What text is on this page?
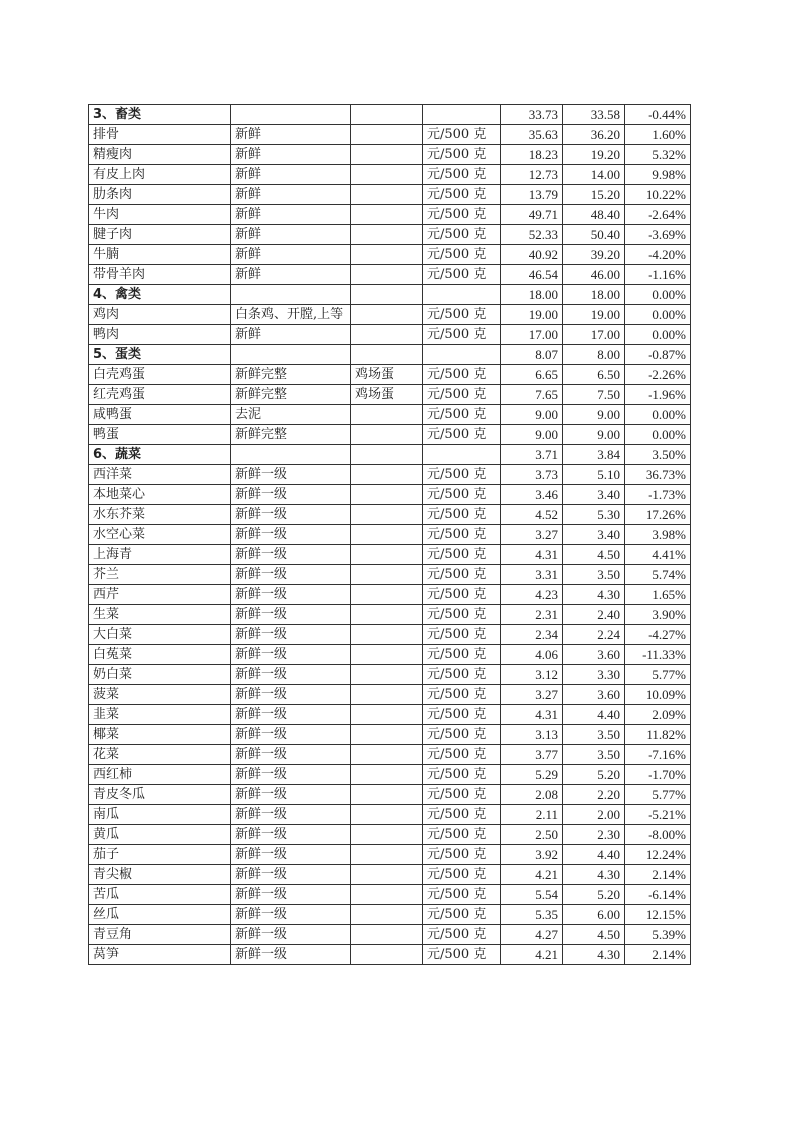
3、畜类				33.73	33.58	-0.44%
排骨	新鲜		元/500 克	35.63	36.20	1.60%
精瘦肉	新鲜		元/500 克	18.23	19.20	5.32%
有皮上肉	新鲜		元/500 克	12.73	14.00	9.98%
肋条肉	新鲜		元/500 克	13.79	15.20	10.22%
牛肉	新鲜		元/500 克	49.71	48.40	-2.64%
腱子肉	新鲜		元/500 克	52.33	50.40	-3.69%
牛腩	新鲜		元/500 克	40.92	39.20	-4.20%
带骨羊肉	新鲜		元/500 克	46.54	46.00	-1.16%
4、禽类				18.00	18.00	0.00%
鸡肉	白条鸡、开膛,上等		元/500 克	19.00	19.00	0.00%
鸭肉	新鲜		元/500 克	17.00	17.00	0.00%
5、蛋类				8.07	8.00	-0.87%
白壳鸡蛋	新鲜完整	鸡场蛋	元/500 克	6.65	6.50	-2.26%
红壳鸡蛋	新鲜完整	鸡场蛋	元/500 克	7.65	7.50	-1.96%
咸鸭蛋	去泥		元/500 克	9.00	9.00	0.00%
鸭蛋	新鲜完整		元/500 克	9.00	9.00	0.00%
6、蔬菜				3.71	3.84	3.50%
西洋菜	新鲜一级		元/500 克	3.73	5.10	36.73%
本地菜心	新鲜一级		元/500 克	3.46	3.40	-1.73%
水东芥菜	新鲜一级		元/500 克	4.52	5.30	17.26%
水空心菜	新鲜一级		元/500 克	3.27	3.40	3.98%
上海青	新鲜一级		元/500 克	4.31	4.50	4.41%
芥兰	新鲜一级		元/500 克	3.31	3.50	5.74%
西芹	新鲜一级		元/500 克	4.23	4.30	1.65%
生菜	新鲜一级		元/500 克	2.31	2.40	3.90%
大白菜	新鲜一级		元/500 克	2.34	2.24	-4.27%
白菟菜	新鲜一级		元/500 克	4.06	3.60	-11.33%
奶白菜	新鲜一级		元/500 克	3.12	3.30	5.77%
菠菜	新鲜一级		元/500 克	3.27	3.60	10.09%
韭菜	新鲜一级		元/500 克	4.31	4.40	2.09%
椰菜	新鲜一级		元/500 克	3.13	3.50	11.82%
花菜	新鲜一级		元/500 克	3.77	3.50	-7.16%
西红柿	新鲜一级		元/500 克	5.29	5.20	-1.70%
青皮冬瓜	新鲜一级		元/500 克	2.08	2.20	5.77%
南瓜	新鲜一级		元/500 克	2.11	2.00	-5.21%
黄瓜	新鲜一级		元/500 克	2.50	2.30	-8.00%
茄子	新鲜一级		元/500 克	3.92	4.40	12.24%
青尖椒	新鲜一级		元/500 克	4.21	4.30	2.14%
苦瓜	新鲜一级		元/500 克	5.54	5.20	-6.14%
丝瓜	新鲜一级		元/500 克	5.35	6.00	12.15%
青豆角	新鲜一级		元/500 克	4.27	4.50	5.39%
莴笋	新鲜一级		元/500 克	4.21	4.30	2.14%
